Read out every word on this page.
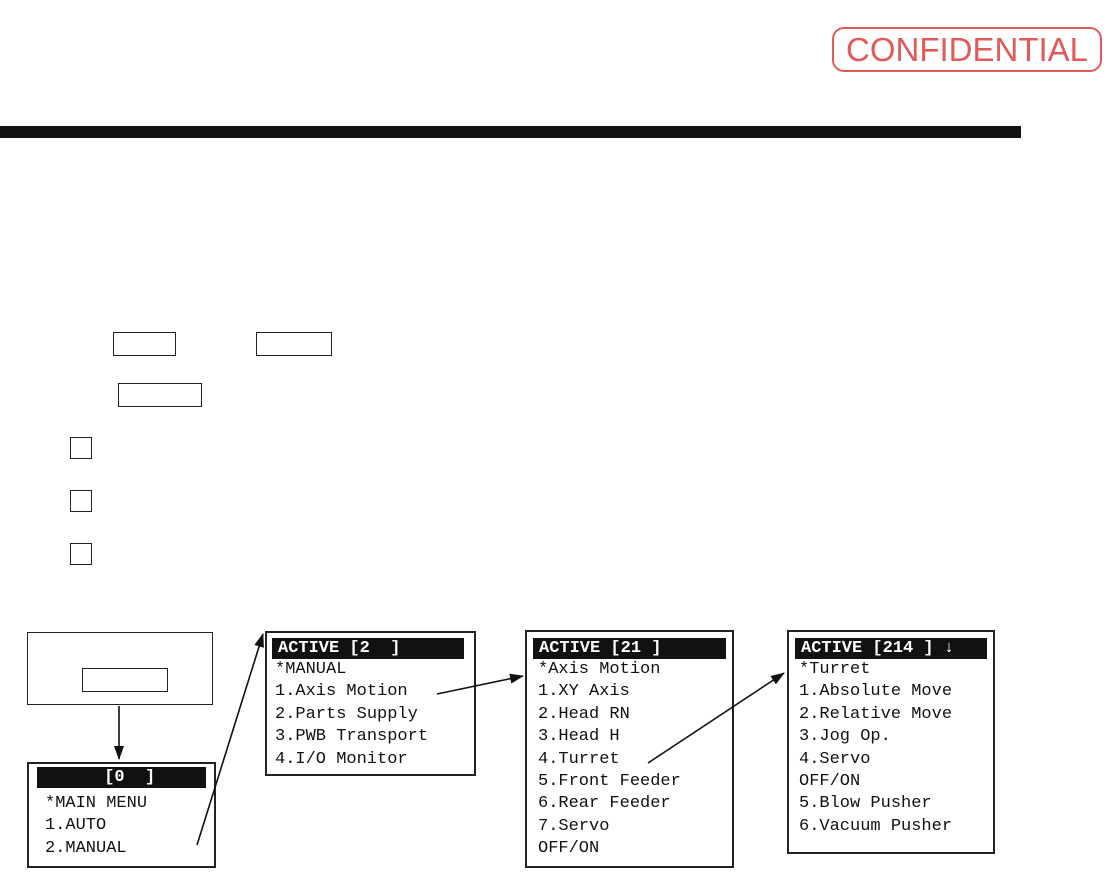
CONFIDENTIAL
[0  ]
*MAIN MENU
1.AUTO
2.MANUAL
ACTIVE [2  ]
*MANUAL
1.Axis Motion
2.Parts Supply
3.PWB Transport
4.I/O Monitor
ACTIVE [21 ]
*Axis Motion
1.XY Axis
2.Head RN
3.Head H
4.Turret
5.Front Feeder
6.Rear Feeder
7.Servo
OFF/ON
ACTIVE [214 ] ↓
*Turret
1.Absolute Move
2.Relative Move
3.Jog Op.
4.Servo
OFF/ON
5.Blow Pusher
6.Vacuum Pusher
